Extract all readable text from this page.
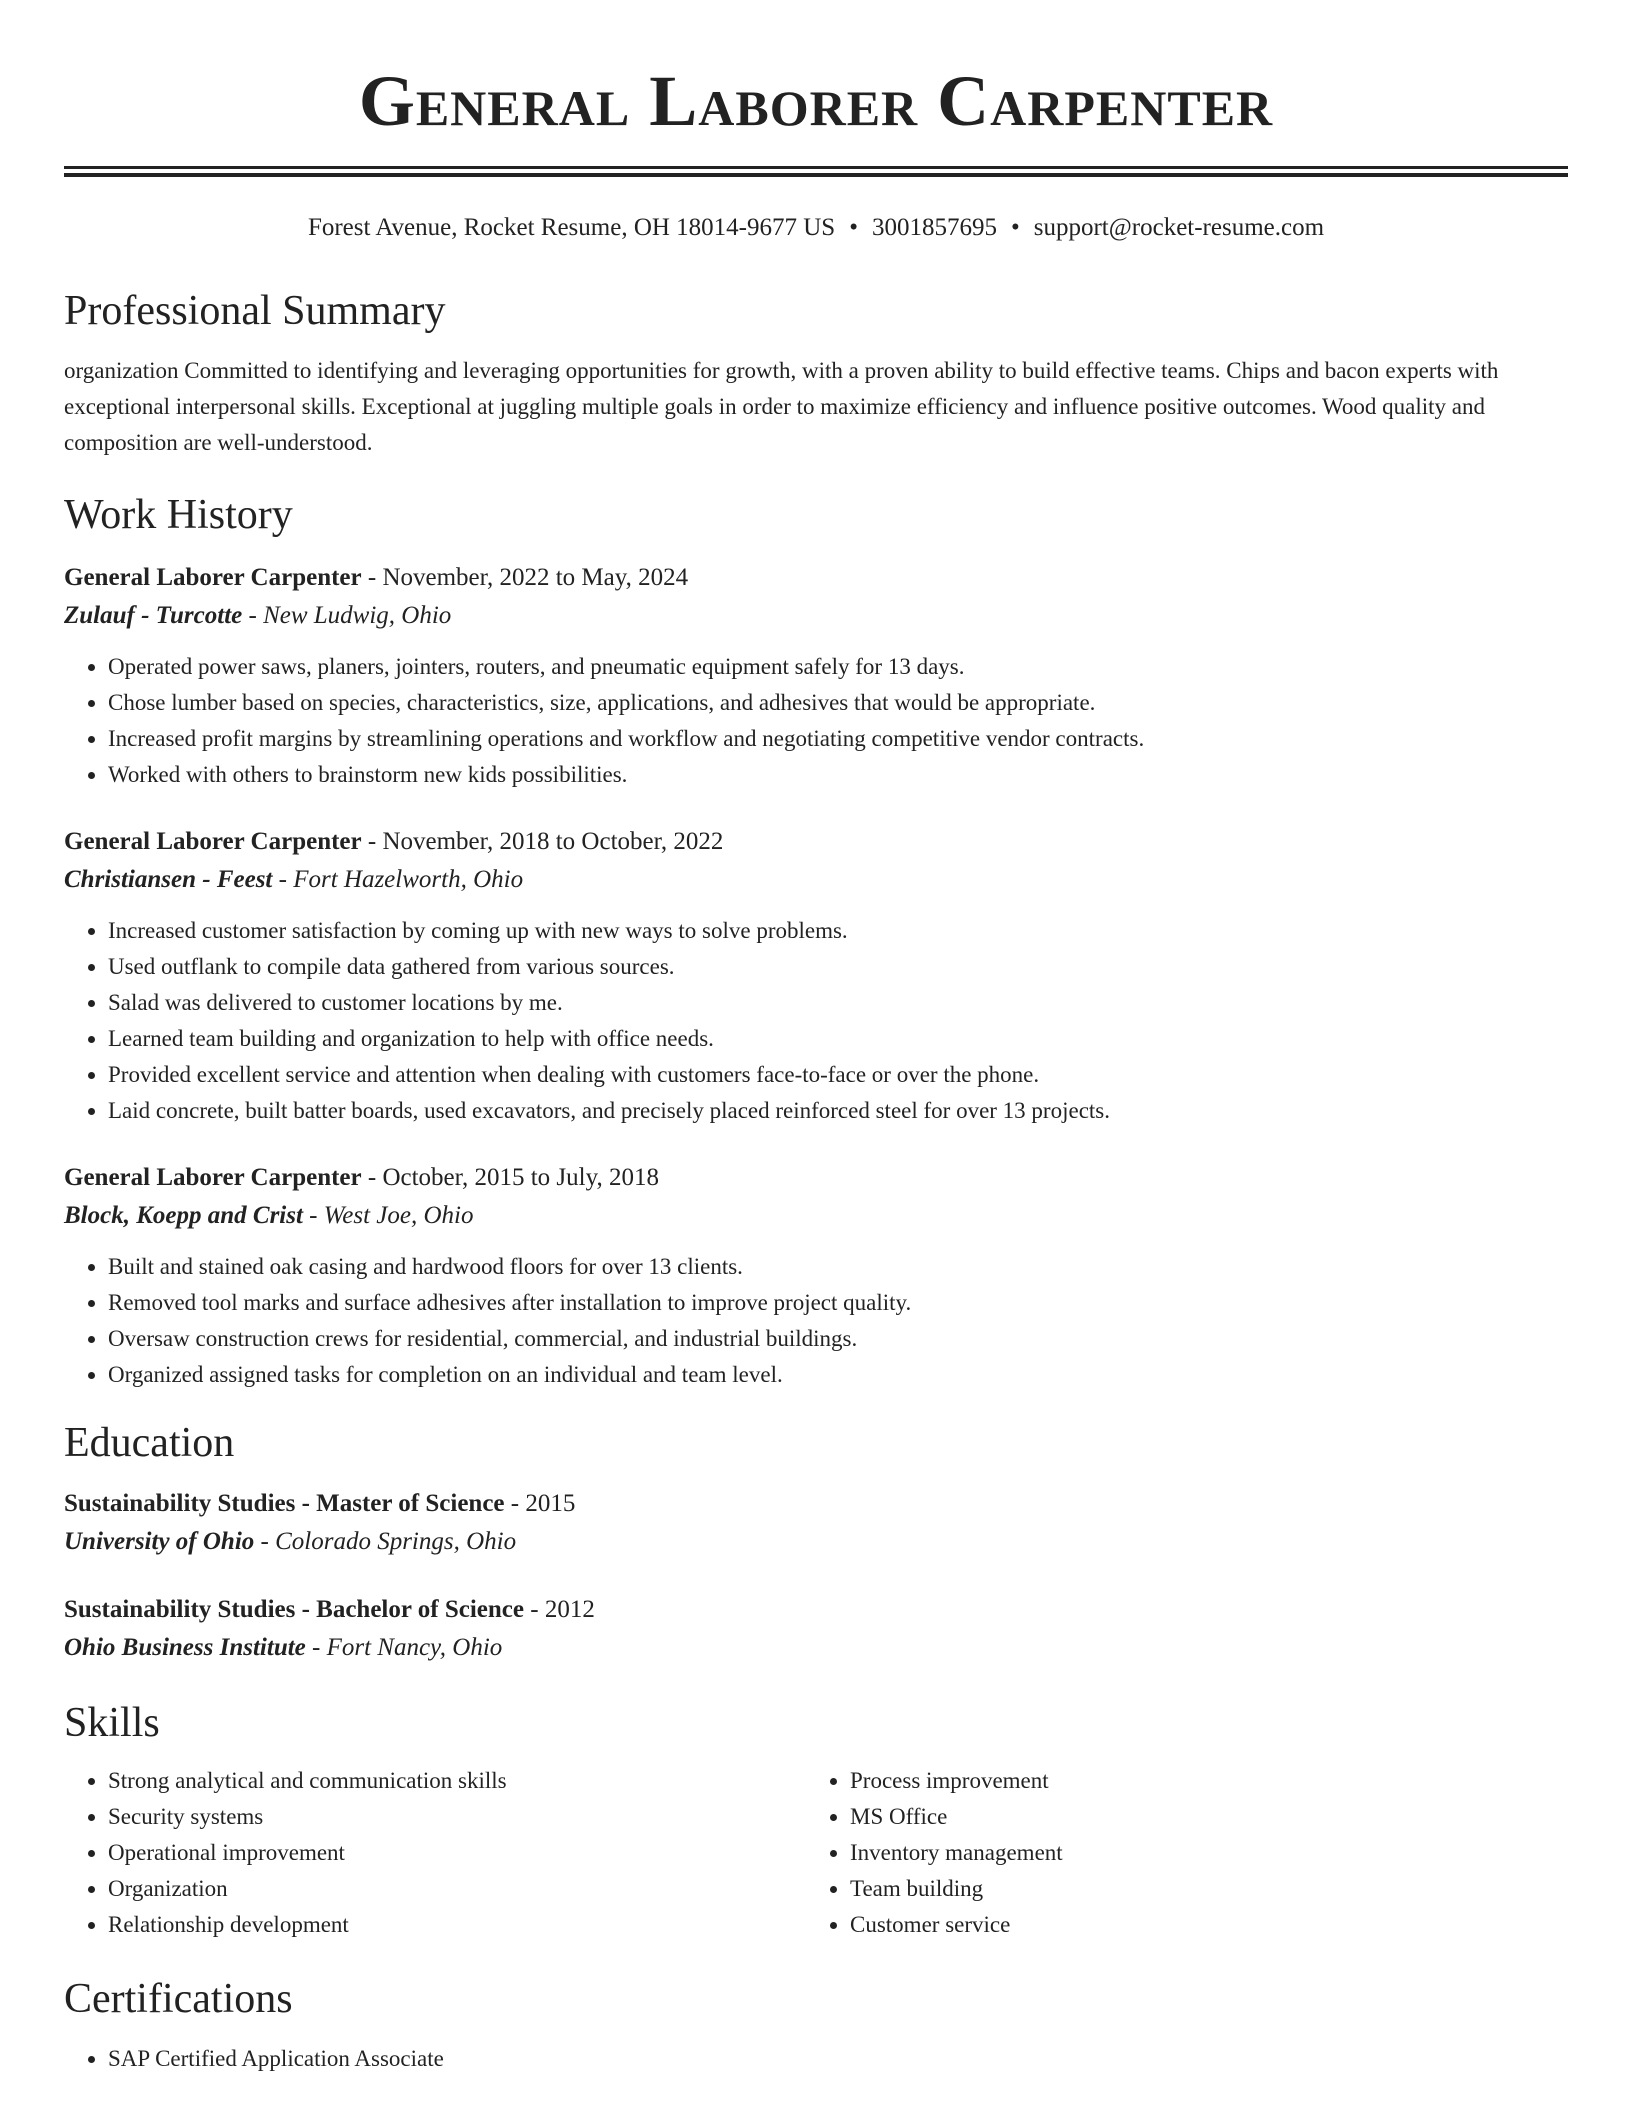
General Laborer Carpenter
Forest Avenue, Rocket Resume, OH 18014-9677 US • 3001857695 • support@rocket-resume.com
Professional Summary

organization Committed to identifying and leveraging opportunities for growth, with a proven ability to build effective teams. Chips and bacon experts with exceptional interpersonal skills. Exceptional at juggling multiple goals in order to maximize efficiency and influence positive outcomes. Wood quality and composition are well-understood.

Work History
General Laborer Carpenter - November, 2022 to May, 2024
Zulauf - Turcotte - New Ludwig, Ohio
• Operated power saws, planers, jointers, routers, and pneumatic equipment safely for 13 days.
• Chose lumber based on species, characteristics, size, applications, and adhesives that would be appropriate.
• Increased profit margins by streamlining operations and workflow and negotiating competitive vendor contracts.
• Worked with others to brainstorm new kids possibilities.
General Laborer Carpenter - November, 2018 to October, 2022
Christiansen - Feest - Fort Hazelworth, Ohio
• Increased customer satisfaction by coming up with new ways to solve problems.
• Used outflank to compile data gathered from various sources.
• Salad was delivered to customer locations by me.
• Learned team building and organization to help with office needs.
• Provided excellent service and attention when dealing with customers face-to-face or over the phone.
• Laid concrete, built batter boards, used excavators, and precisely placed reinforced steel for over 13 projects.
General Laborer Carpenter - October, 2015 to July, 2018
Block, Koepp and Crist - West Joe, Ohio
• Built and stained oak casing and hardwood floors for over 13 clients.
• Removed tool marks and surface adhesives after installation to improve project quality.
• Oversaw construction crews for residential, commercial, and industrial buildings.
• Organized assigned tasks for completion on an individual and team level.
Education
Sustainability Studies - Master of Science - 2015
University of Ohio - Colorado Springs, Ohio
Sustainability Studies - Bachelor of Science - 2012
Ohio Business Institute - Fort Nancy, Ohio
Skills
• Strong analytical and communication skills
• Security systems
• Operational improvement
• Organization
• Relationship development
• Process improvement
• MS Office
• Inventory management
• Team building
• Customer service
Certifications
• SAP Certified Application Associate
